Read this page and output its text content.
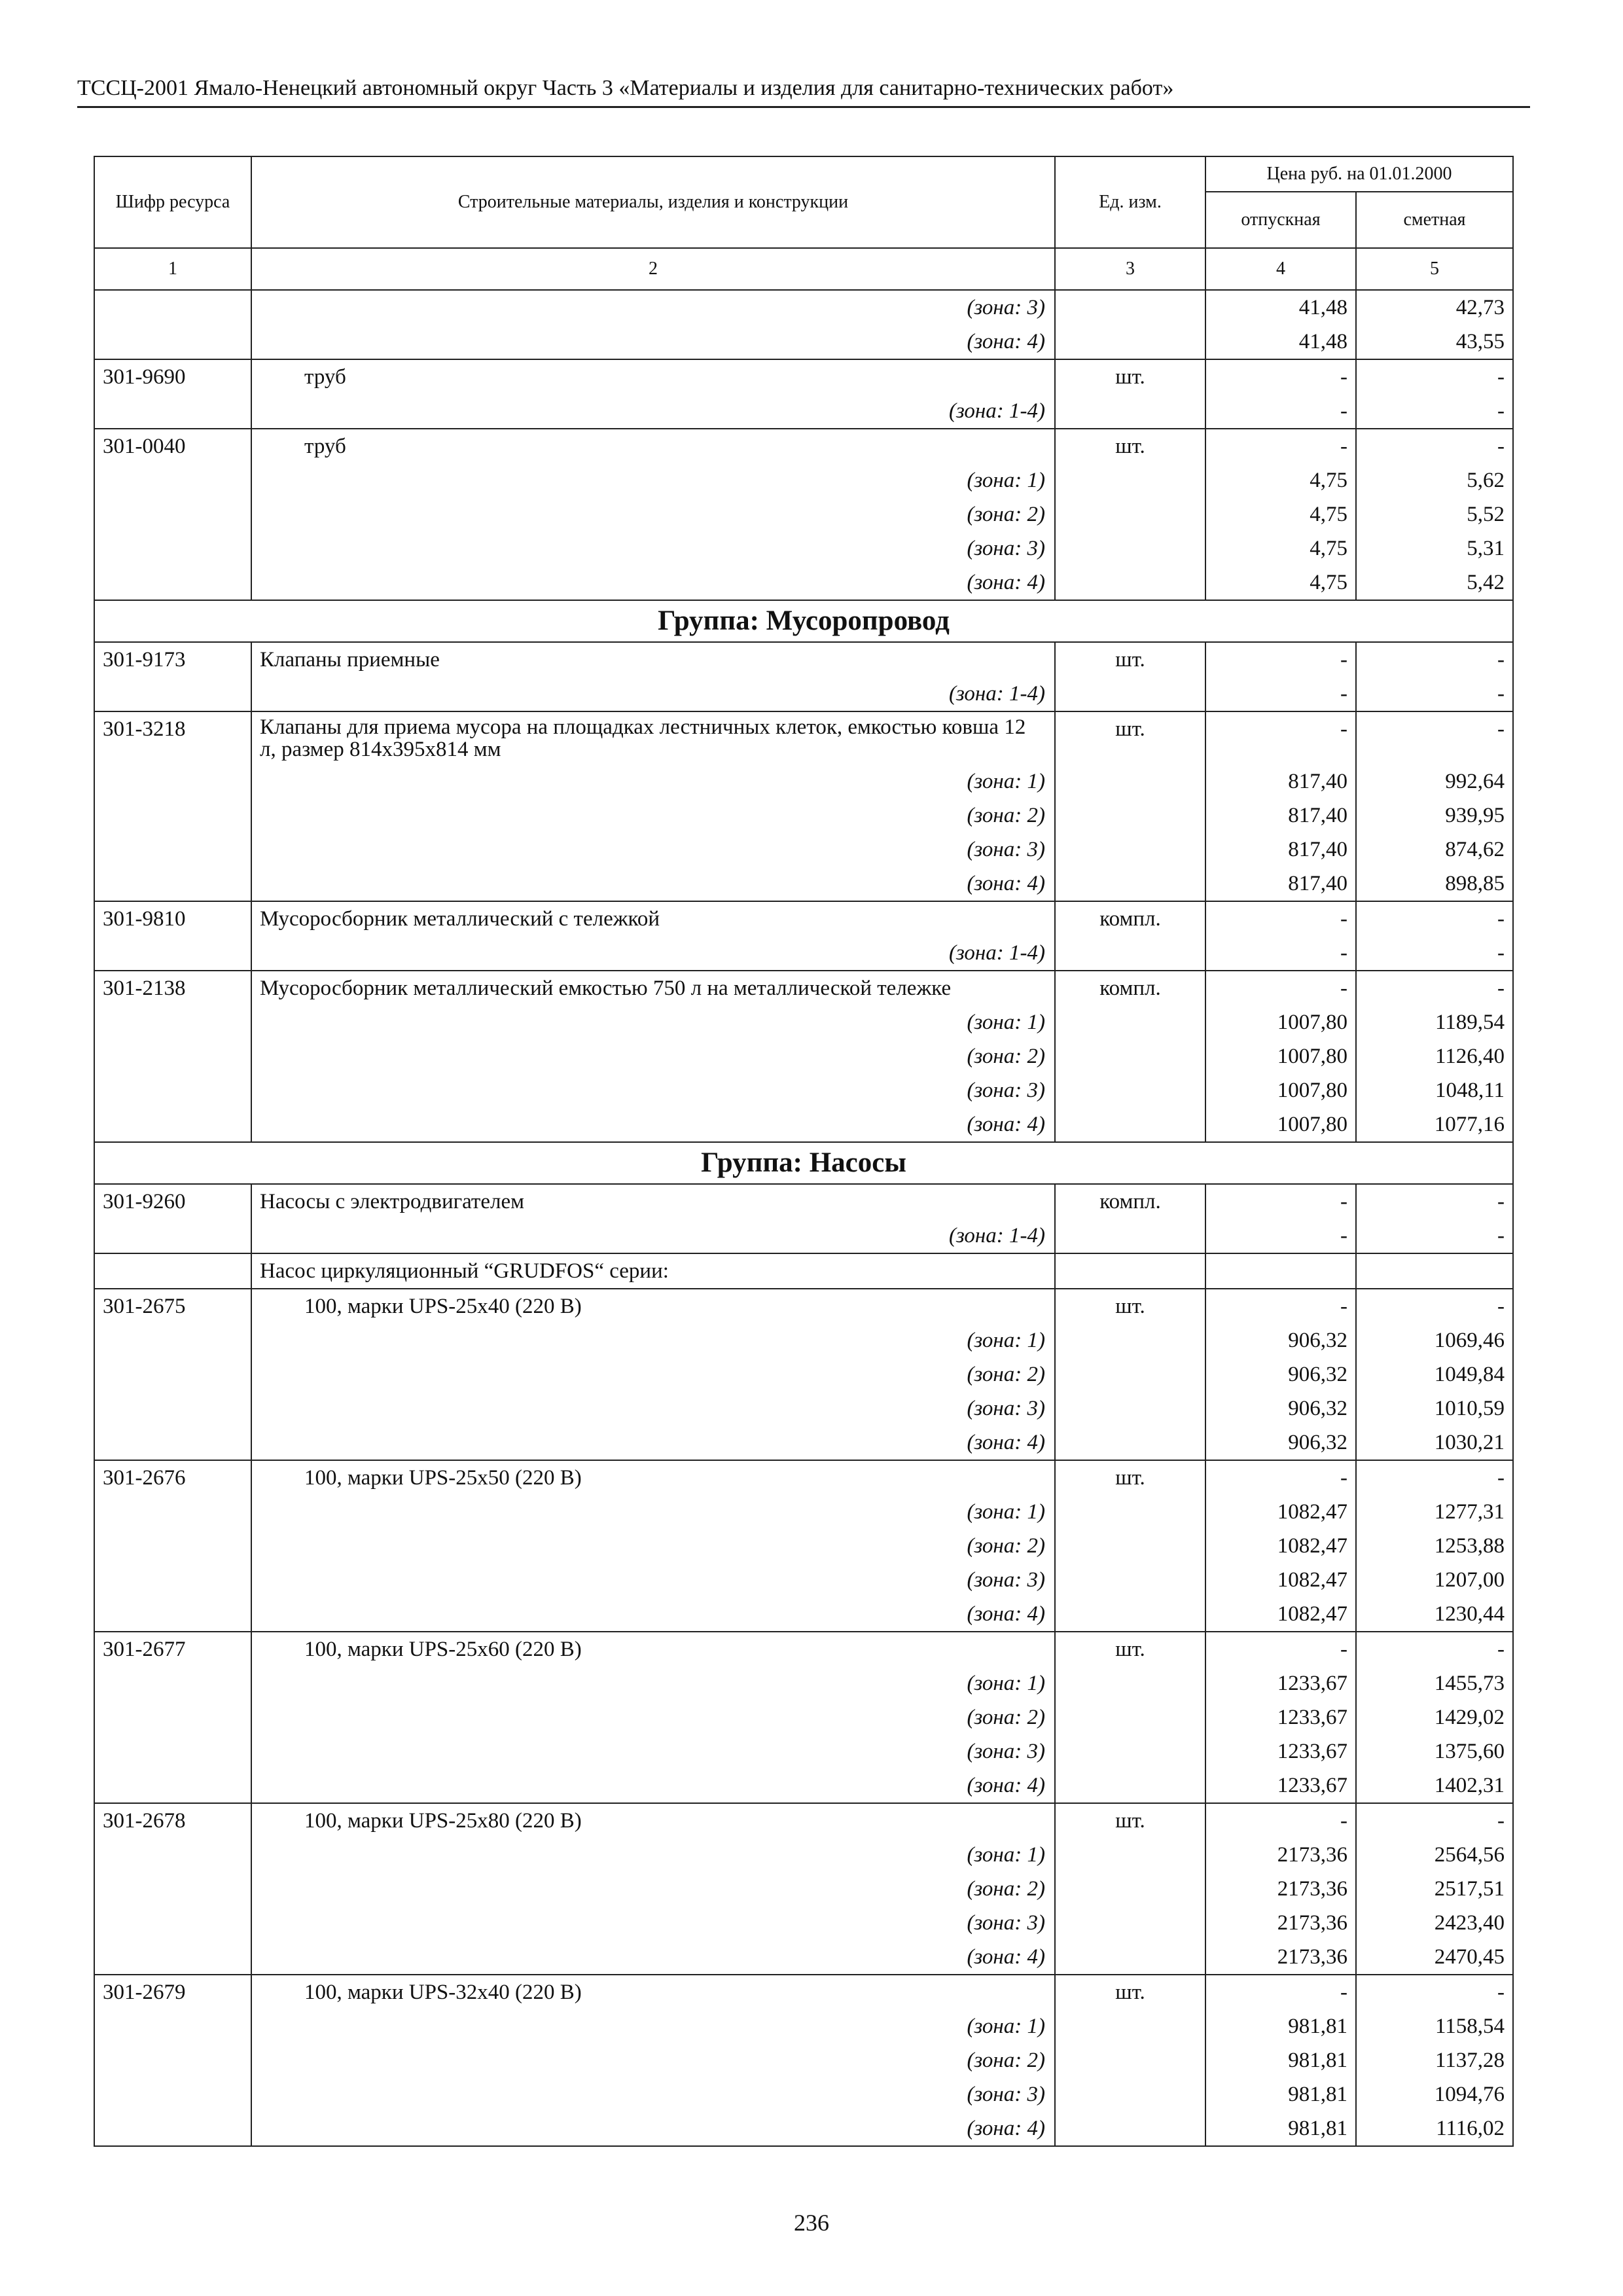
ТССЦ-2001 Ямало-Ненецкий автономный округ Часть 3 «Материалы и изделия для санитарно-технических работ»
Шифр ресурса	Строительные материалы, изделия и конструкции	Ед. изм.	Цена руб. на 01.01.2000	
			отпускная	сметная
1	2	3	4	5
	(зона: 3)		41,48	42,73
	(зона: 4)		41,48	43,55
301-9690	труб	шт.	-	-
	(зона: 1-4)		-	-
301-0040	труб	шт.	-	-
	(зона: 1)		4,75	5,62
	(зона: 2)		4,75	5,52
	(зона: 3)		4,75	5,31
	(зона: 4)		4,75	5,42
Группа: Мусоропровод				
301-9173	Клапаны приемные	шт.	-	-
	(зона: 1-4)		-	-
301-3218	Клапаны для приема мусора на площадках лестничных клеток, емкостью ковша 12 л, размер 814х395х814 мм	шт.	-	-
	(зона: 1)		817,40	992,64
	(зона: 2)		817,40	939,95
	(зона: 3)		817,40	874,62
	(зона: 4)		817,40	898,85
301-9810	Мусоросборник металлический с тележкой	компл.	-	-
	(зона: 1-4)		-	-
301-2138	Мусоросборник металлический емкостью 750 л на металлической тележке	компл.	-	-
	(зона: 1)		1007,80	1189,54
	(зона: 2)		1007,80	1126,40
	(зона: 3)		1007,80	1048,11
	(зона: 4)		1007,80	1077,16
Группа: Насосы				
301-9260	Насосы с электродвигателем	компл.	-	-
	(зона: 1-4)		-	-
	Насос циркуляционный “GRUDFOS“ серии:			
301-2675	100, марки UPS-25х40 (220 В)	шт.	-	-
	(зона: 1)		906,32	1069,46
	(зона: 2)		906,32	1049,84
	(зона: 3)		906,32	1010,59
	(зона: 4)		906,32	1030,21
301-2676	100, марки UPS-25х50 (220 В)	шт.	-	-
	(зона: 1)		1082,47	1277,31
	(зона: 2)		1082,47	1253,88
	(зона: 3)		1082,47	1207,00
	(зона: 4)		1082,47	1230,44
301-2677	100, марки UPS-25х60 (220 В)	шт.	-	-
	(зона: 1)		1233,67	1455,73
	(зона: 2)		1233,67	1429,02
	(зона: 3)		1233,67	1375,60
	(зона: 4)		1233,67	1402,31
301-2678	100, марки UPS-25х80 (220 В)	шт.	-	-
	(зона: 1)		2173,36	2564,56
	(зона: 2)		2173,36	2517,51
	(зона: 3)		2173,36	2423,40
	(зона: 4)		2173,36	2470,45
301-2679	100, марки UPS-32х40 (220 В)	шт.	-	-
	(зона: 1)		981,81	1158,54
	(зона: 2)		981,81	1137,28
	(зона: 3)		981,81	1094,76
	(зона: 4)		981,81	1116,02
236
